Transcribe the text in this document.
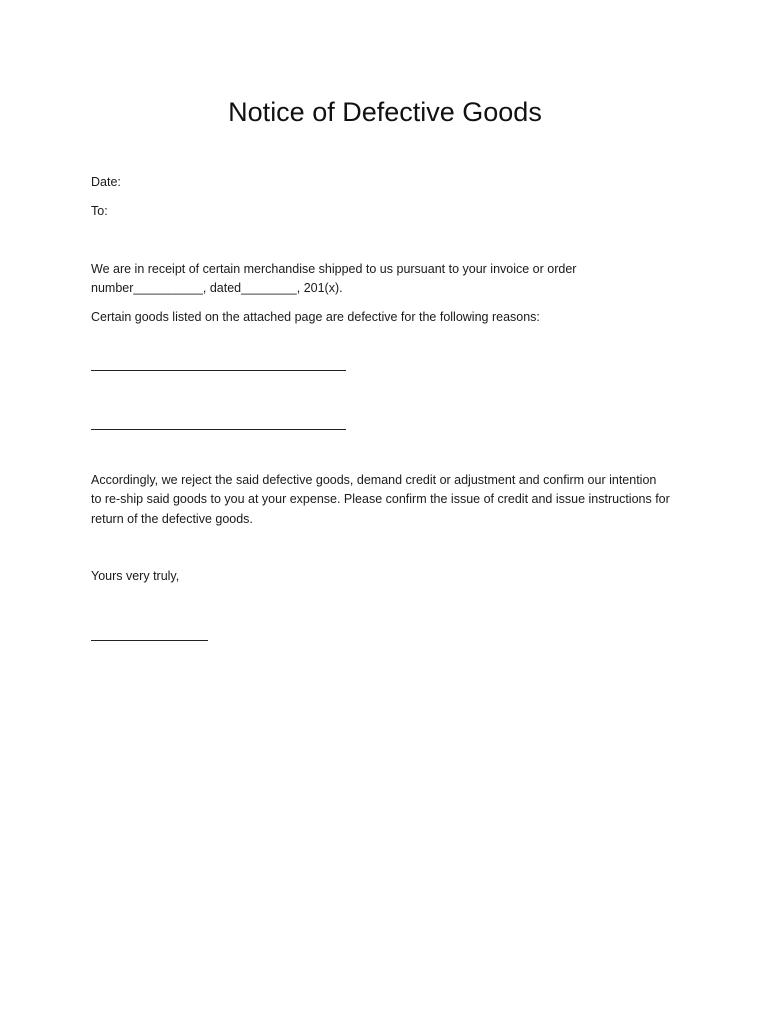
Notice of Defective Goods
Date:
To:
We are in receipt of certain merchandise shipped to us pursuant to your invoice or order
number__________, dated________, 201(x).
Certain goods listed on the attached page are defective for the following reasons:
Accordingly, we reject the said defective goods, demand credit or adjustment and confirm our intention
to re-ship said goods to you at your expense. Please confirm the issue of credit and issue instructions for
return of the defective goods.
Yours very truly,
